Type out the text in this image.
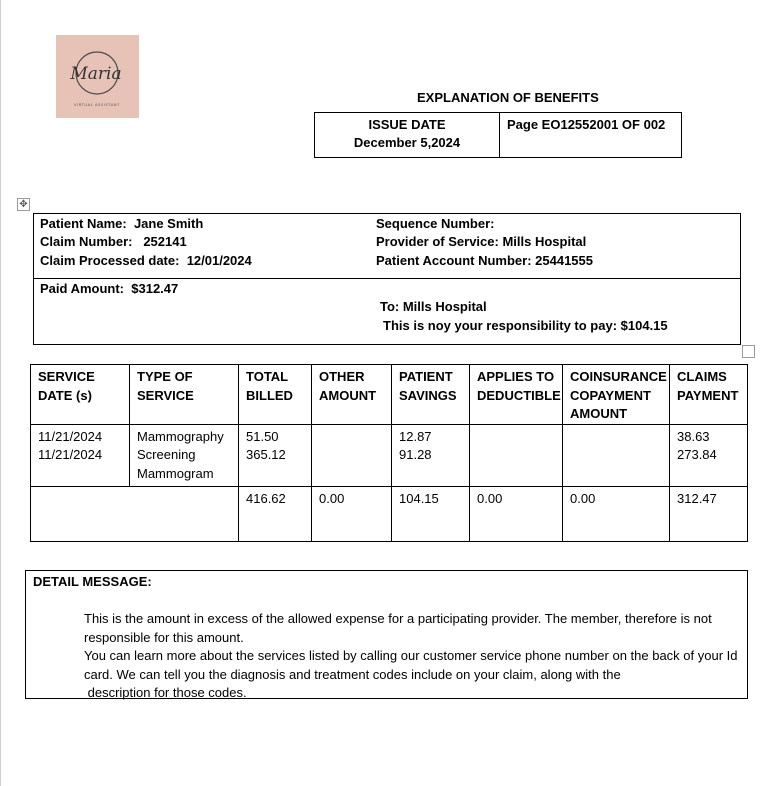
Maria
VIRTUAL ASSISTANT	EXPLANATION OF BENEFITS
ISSUE DATE
December 5,2024
Page EO12552001 OF 002
✥
Patient Name: Jane Smith
Claim Number: 252141
Claim Processed date: 12/01/2024
Sequence Number:
Provider of Service: Mills Hospital
Patient Account Number: 25441555
Paid Amount: $312.47
To: Mills Hospital
This is noy your responsibility to pay: $104.15
SERVICE
DATE (s)

TYPE OF
SERVICE

TOTAL
BILLED

OTHER
AMOUNT

PATIENT
SAVINGS

APPLIES TO
DEDUCTIBLE

COINSURANCE
COPAYMENT
AMOUNT

CLAIMS
PAYMENT

11/21/2024
11/21/2024

Mammography
Screening
Mammogram

51.50
365.12

12.87
91.28

38.63
273.84

	416.62	0.00	104.15	0.00	0.00	312.47
DETAIL MESSAGE:

This is the amount in excess of the allowed expense for a participating provider. The member, therefore is not responsible for this amount.

You can learn more about the services listed by calling our customer service phone number on the back of your Id card. We can tell you the diagnosis and treatment codes include on your claim, along with the

description for those codes.
